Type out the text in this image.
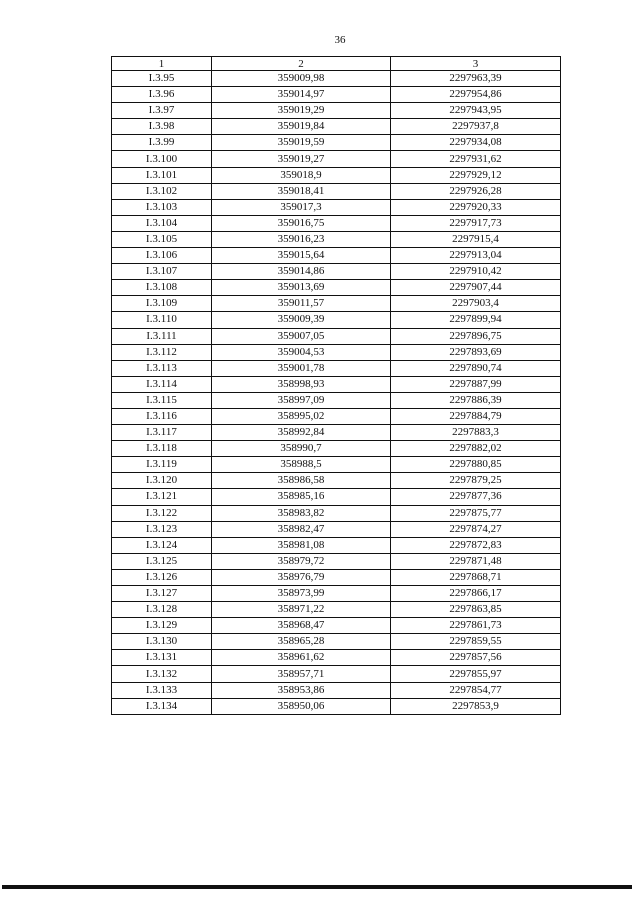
36
1	2	3
I.3.95	359009,98	2297963,39
I.3.96	359014,97	2297954,86
I.3.97	359019,29	2297943,95
I.3.98	359019,84	2297937,8
I.3.99	359019,59	2297934,08
I.3.100	359019,27	2297931,62
I.3.101	359018,9	2297929,12
I.3.102	359018,41	2297926,28
I.3.103	359017,3	2297920,33
I.3.104	359016,75	2297917,73
I.3.105	359016,23	2297915,4
I.3.106	359015,64	2297913,04
I.3.107	359014,86	2297910,42
I.3.108	359013,69	2297907,44
I.3.109	359011,57	2297903,4
I.3.110	359009,39	2297899,94
I.3.111	359007,05	2297896,75
I.3.112	359004,53	2297893,69
I.3.113	359001,78	2297890,74
I.3.114	358998,93	2297887,99
I.3.115	358997,09	2297886,39
I.3.116	358995,02	2297884,79
I.3.117	358992,84	2297883,3
I.3.118	358990,7	2297882,02
I.3.119	358988,5	2297880,85
I.3.120	358986,58	2297879,25
I.3.121	358985,16	2297877,36
I.3.122	358983,82	2297875,77
I.3.123	358982,47	2297874,27
I.3.124	358981,08	2297872,83
I.3.125	358979,72	2297871,48
I.3.126	358976,79	2297868,71
I.3.127	358973,99	2297866,17
I.3.128	358971,22	2297863,85
I.3.129	358968,47	2297861,73
I.3.130	358965,28	2297859,55
I.3.131	358961,62	2297857,56
I.3.132	358957,71	2297855,97
I.3.133	358953,86	2297854,77
I.3.134	358950,06	2297853,9
